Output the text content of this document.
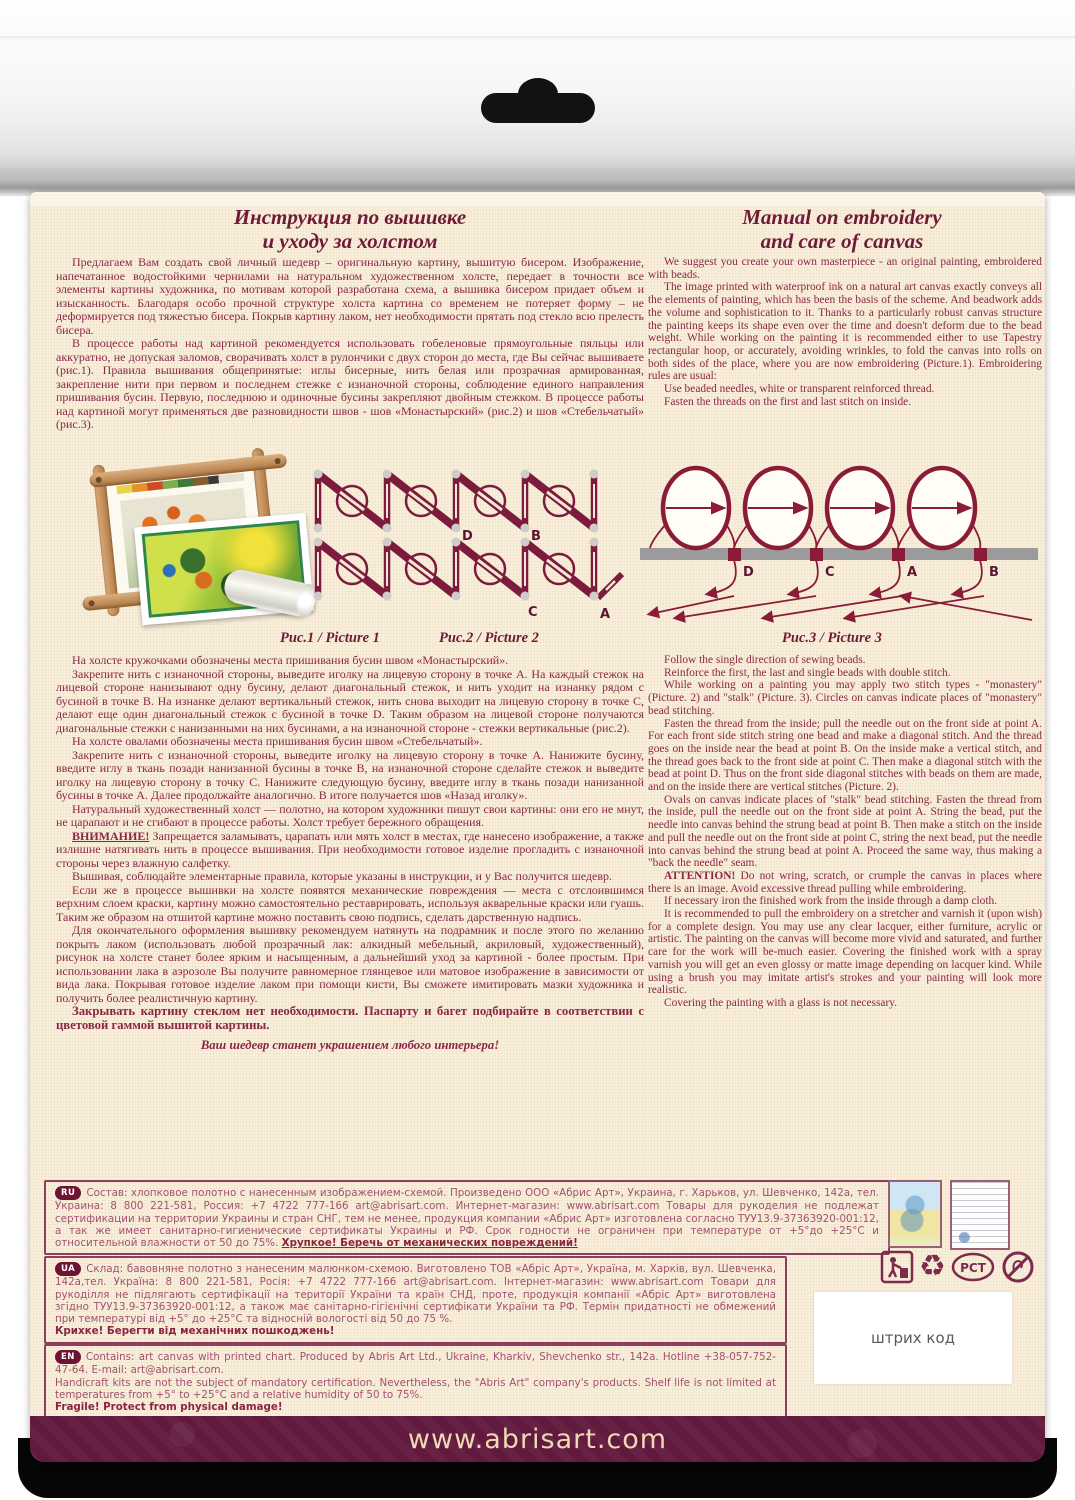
Инструкция по вышивке
и уходу за холстом
Manual on embroidery
and care of canvas

Предлагаем Вам создать свой личный шедевр – оригинальную картину, вышитую бисером. Изображение, напечатанное водостойкими чернилами на натуральном художественном холсте, передает в точности все элементы картины художника, по мотивам которой разработана схема, а вышивка бисером придает объем и изысканность. Благодаря особо прочной структуре холста картина со временем не потеряет форму – не деформируется под тяжестью бисера. Покрыв картину лаком, нет необходимости прятать под стекло всю прелесть бисера.

В процессе работы над картиной рекомендуется использовать гобеленовые прямоугольные пяльцы или аккуратно, не допуская заломов, сворачивать холст в рулончики с двух сторон до места, где Вы сейчас вышиваете (рис.1). Правила вышивания общепринятые: иглы бисерные, нить белая или прозрачная армированная, закрепление нити при первом и последнем стежке с изнаночной стороны, соблюдение единого направления пришивания бусин. Первую, последнюю и одиночные бусины закрепляют двойным стежком. В процессе работы над картиной могут применяться две разновидности швов - шов «Монастырский» (рис.2) и шов «Стебельчатый» (рис.3).

We suggest you create your own masterpiece - an original painting, embroidered with beads.

The image printed with waterproof ink on a natural art canvas exactly conveys all the elements of painting, which has been the basis of the scheme. And beadwork adds the volume and sophistication to it. Thanks to a particularly robust canvas structure the painting keeps its shape even over the time and doesn't deform due to the bead weight. While working on the painting it is recommended either to use Tapestry rectangular hoop, or accurately, avoiding wrinkles, to fold the canvas into rolls on both sides of the place, where you are now embroidering (Picture.1). Embroidering rules are usual:

Use beaded needles, white or transparent reinforced thread.

Fasten the threads on the first and last stitch on inside.

D	B
C	A
D	C	A	B
Рис.1 / Picture 1	Рис.2 / Picture 2	Рис.3 / Picture 3

На холсте кружочками обозначены места пришивания бусин швом «Монастырский».

Закрепите нить с изнаночной стороны, выведите иголку на лицевую сторону в точке А. На каждый стежок на лицевой стороне нанизывают одну бусину, делают диагональный стежок, и нить уходит на изнанку рядом с бусиной в точке В. На изнанке делают вертикальный стежок, нить снова выходит на лицевую сторону в точке С, делают еще один диагональный стежок с бусиной в точке D. Таким образом на лицевой стороне получаются диагональные стежки с нанизанными на них бусинами, а на изнаночной стороне - стежки вертикальные (рис.2).

На холсте овалами обозначены места пришивания бусин швом «Стебельчатый».

Закрепите нить с изнаночной стороны, выведите иголку на лицевую сторону в точке А. Нанижите бусину, введите иглу в ткань позади нанизанной бусины в точке В, на изнаночной стороне сделайте стежок и выведите иголку на лицевую сторону в точку С. Нанижите следующую бусину, введите иглу в ткань позади нанизанной бусины в точке А. Далее продолжайте аналогично. В итоге получается шов «Назад иголку».

Натуральный художественный холст — полотно, на котором художники пишут свои картины: они его не мнут, не царапают и не сгибают в процессе работы. Холст требует бережного обращения.

ВНИМАНИЕ! Запрещается заламывать, царапать или мять холст в местах, где нанесено изображение, а также излишне натягивать нить в процессе вышивания. При необходимости готовое изделие прогладить с изнаночной стороны через влажную салфетку.

Вышивая, соблюдайте элементарные правила, которые указаны в инструкции, и у Вас получится шедевр.

Если же в процессе вышивки на холсте появятся механические повреждения — места с отслоившимся верхним слоем краски, картину можно самостоятельно реставрировать, используя акварельные краски или гуашь. Таким же образом на отшитой картине можно поставить свою подпись, сделать дарственную надпись.

Для окончательного оформления вышивку рекомендуем натянуть на подрамник и после этого по желанию покрыть лаком (использовать любой прозрачный лак: алкидный мебельный, акриловый, художественный), рисунок на холсте станет более ярким и насыщенным, а дальнейший уход за картиной - более простым. При использовании лака в аэрозоле Вы получите равномерное глянцевое или матовое изображение в зависимости от вида лака. Покрывая готовое изделие лаком при помощи кисти, Вы сможете имитировать мазки художника и получить более реалистичную картину.

Закрывать картину стеклом нет необходимости. Паспарту и багет подбирайте в соответствии с цветовой гаммой вышитой картины.

Ваш шедевр станет украшением любого интерьера!

Follow the single direction of sewing beads.

Reinforce the first, the last and single beads with double stitch.

While working on a painting you may apply two stitch types - "monastery" (Picture. 2) and "stalk" (Picture. 3). Circles on canvas indicate places of "monastery" bead stitching.

Fasten the thread from the inside; pull the needle out on the front side at point A. For each front side stitch string one bead and make a diagonal stitch. And the thread goes on the inside near the bead at point B. On the inside make a vertical stitch, and the thread goes back to the front side at point C. Then make a diagonal stitch with the bead at point D. Thus on the front side diagonal stitches with beads on them are made, and on the inside there are vertical stitches (Picture. 2).

Ovals on canvas indicate places of "stalk" bead stitching. Fasten the thread from the inside, pull the needle out on the front side at point A. String the bead, put the needle into canvas behind the strung bead at point B. Then make a stitch on the inside and pull the needle out on the front side at point C, string the next bead, put the needle into canvas behind the strung bead at point A. Proceed the same way, thus making a "back the needle" seam.

ATTENTION! Do not wring, scratch, or crumple the canvas in places where there is an image. Avoid excessive thread pulling while embroidering.

If necessary iron the finished work from the inside through a damp cloth.

It is recommended to pull the embroidery on a stretcher and varnish it (upon wish) for a complete design. You may use any clear lacquer, either furniture, acrylic or artistic. The painting on the canvas will become more vivid and saturated, and further care for the work will be-much easier. Covering the finished work with a spray varnish you will get an even glossy or matte image depending on lacquer kind. While using a brush you may imitate artist's strokes and your painting will look more realistic.

Covering the painting with a glass is not necessary.

RU Состав: хлопковое полотно с нанесенным изображением-схемой. Произведено ООО «Абрис Арт», Украина, г. Харьков, ул. Шевченко, 142а, тел. Украина: 8 800 221-581, Россия: +7 4722 777-166 art@abrisart.com. Интернет-магазин: www.abrisart.com Товары для рукоделия не подлежат сертификации на территории Украины и стран СНГ, тем не менее, продукция компании «Абрис Арт» изготовлена согласно ТУУ13.9-37363920-001:12, а так же имеет санитарно-гигиенические сертификаты Украины и РФ. Срок годности не ограничен при температуре от +5°до +25°С и относительной влажности от 50 до 75%. Хрупкое! Беречь от механических повреждений!
UA Склад: бавовняне полотно з нанесеним малюнком-схемою. Виготовлено ТОВ «Абріс Арт», Україна, м. Харків, вул. Шевченка, 142а,тел. Україна: 8 800 221-581, Росія: +7 4722 777-166 art@abrisart.com. Інтернет-магазин: www.abrisart.com Товари для рукоділля не підлягають сертифікації на території України та країн СНД, проте, продукція компанії «Абріс Арт» виготовлена згідно ТУУ13.9-37363920-001:12, а також має санітарно-гігієнічні сертифікати України та РФ. Термін придатності не обмежений при температурі від +5° до +25°С та відносній вологості від 50 до 75 %.
Крихке! Берегти від механічних пошкоджень!
EN Contains: art canvas with printed chart. Produced by Abris Art Ltd., Ukraine, Kharkiv, Shevchenko str., 142a. Hotline +38-057-752-47-64. E-mail: art@abrisart.com.
Handicraft kits are not the subject of mandatory certification. Nevertheless, the "Abris Art" company's products. Shelf life is not limited at temperatures from +5° to +25°C and a relative humidity of 50 to 75%.
Fragile! Protect from physical damage!
♻ РСТ
штрих код
www.abrisart.com
